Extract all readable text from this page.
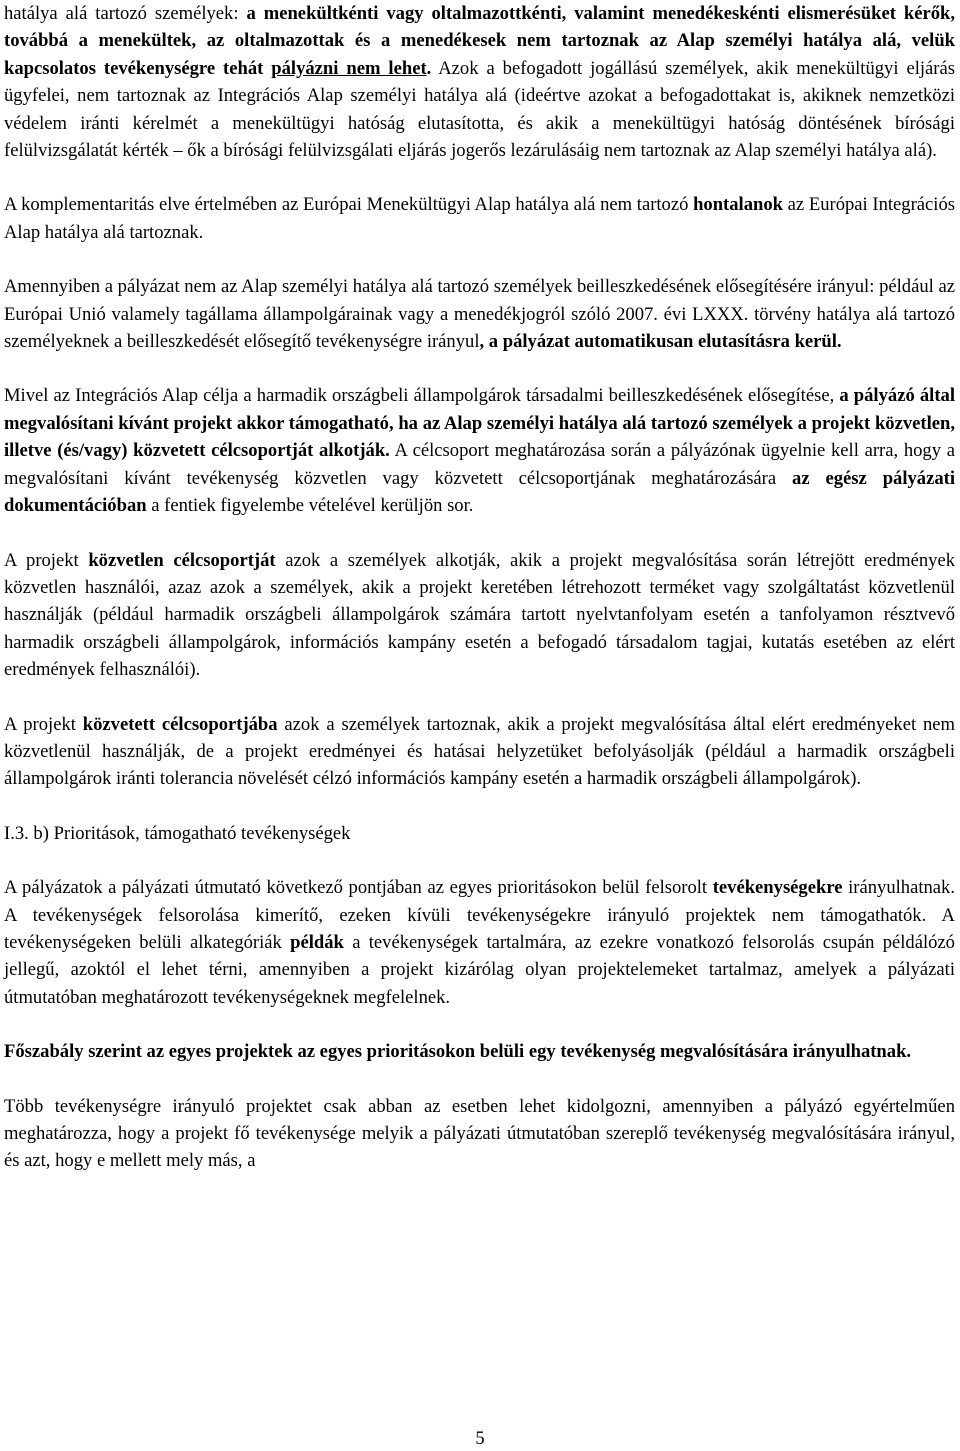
hatálya alá tartozó személyek: a menekültkénti vagy oltalmazottkénti, valamint menedékeskénti elismerésüket kérők, továbbá a menekültek, az oltalmazottak és a menedékesek nem tartoznak az Alap személyi hatálya alá, velük kapcsolatos tevékenységre tehát pályázni nem lehet. Azok a befogadott jogállású személyek, akik menekültügyi eljárás ügyfelei, nem tartoznak az Integrációs Alap személyi hatálya alá (ideértve azokat a befogadottakat is, akiknek nemzetközi védelem iránti kérelmét a menekültügyi hatóság elutasította, és akik a menekültügyi hatóság döntésének bírósági felülvizsgálatát kérték – ők a bírósági felülvizsgálati eljárás jogerős lezárulásáig nem tartoznak az Alap személyi hatálya alá).

A komplementaritás elve értelmében az Európai Menekültügyi Alap hatálya alá nem tartozó hontalanok az Európai Integrációs Alap hatálya alá tartoznak.

Amennyiben a pályázat nem az Alap személyi hatálya alá tartozó személyek beilleszkedésének elősegítésére irányul: például az Európai Unió valamely tagállama állampolgárainak vagy a menedékjogról szóló 2007. évi LXXX. törvény hatálya alá tartozó személyeknek a beilleszkedését elősegítő tevékenységre irányul, a pályázat automatikusan elutasításra kerül.

Mivel az Integrációs Alap célja a harmadik országbeli állampolgárok társadalmi beilleszkedésének elősegítése, a pályázó által megvalósítani kívánt projekt akkor támogatható, ha az Alap személyi hatálya alá tartozó személyek a projekt közvetlen, illetve (és/vagy) közvetett célcsoportját alkotják. A célcsoport meghatározása során a pályázónak ügyelnie kell arra, hogy a megvalósítani kívánt tevékenység közvetlen vagy közvetett célcsoportjának meghatározására az egész pályázati dokumentációban a fentiek figyelembe vételével kerüljön sor.

A projekt közvetlen célcsoportját azok a személyek alkotják, akik a projekt megvalósítása során létrejött eredmények közvetlen használói, azaz azok a személyek, akik a projekt keretében létrehozott terméket vagy szolgáltatást közvetlenül használják (például harmadik országbeli állampolgárok számára tartott nyelvtanfolyam esetén a tanfolyamon résztvevő harmadik országbeli állampolgárok, információs kampány esetén a befogadó társadalom tagjai, kutatás esetében az elért eredmények felhasználói).

A projekt közvetett célcsoportjába azok a személyek tartoznak, akik a projekt megvalósítása által elért eredményeket nem közvetlenül használják, de a projekt eredményei és hatásai helyzetüket befolyásolják (például a harmadik országbeli állampolgárok iránti tolerancia növelését célzó információs kampány esetén a harmadik országbeli állampolgárok).

I.3. b) Prioritások, támogatható tevékenységek

A pályázatok a pályázati útmutató következő pontjában az egyes prioritásokon belül felsorolt tevékenységekre irányulhatnak. A tevékenységek felsorolása kimerítő, ezeken kívüli tevékenységekre irányuló projektek nem támogathatók. A tevékenységeken belüli alkategóriák példák a tevékenységek tartalmára, az ezekre vonatkozó felsorolás csupán példálózó jellegű, azoktól el lehet térni, amennyiben a projekt kizárólag olyan projektelemeket tartalmaz, amelyek a pályázati útmutatóban meghatározott tevékenységeknek megfelelnek.

Főszabály szerint az egyes projektek az egyes prioritásokon belüli egy tevékenység megvalósítására irányulhatnak.

Több tevékenységre irányuló projektet csak abban az esetben lehet kidolgozni, amennyiben a pályázó egyértelműen meghatározza, hogy a projekt fő tevékenysége melyik a pályázati útmutatóban szereplő tevékenység megvalósítására irányul, és azt, hogy e mellett mely más, a

5
